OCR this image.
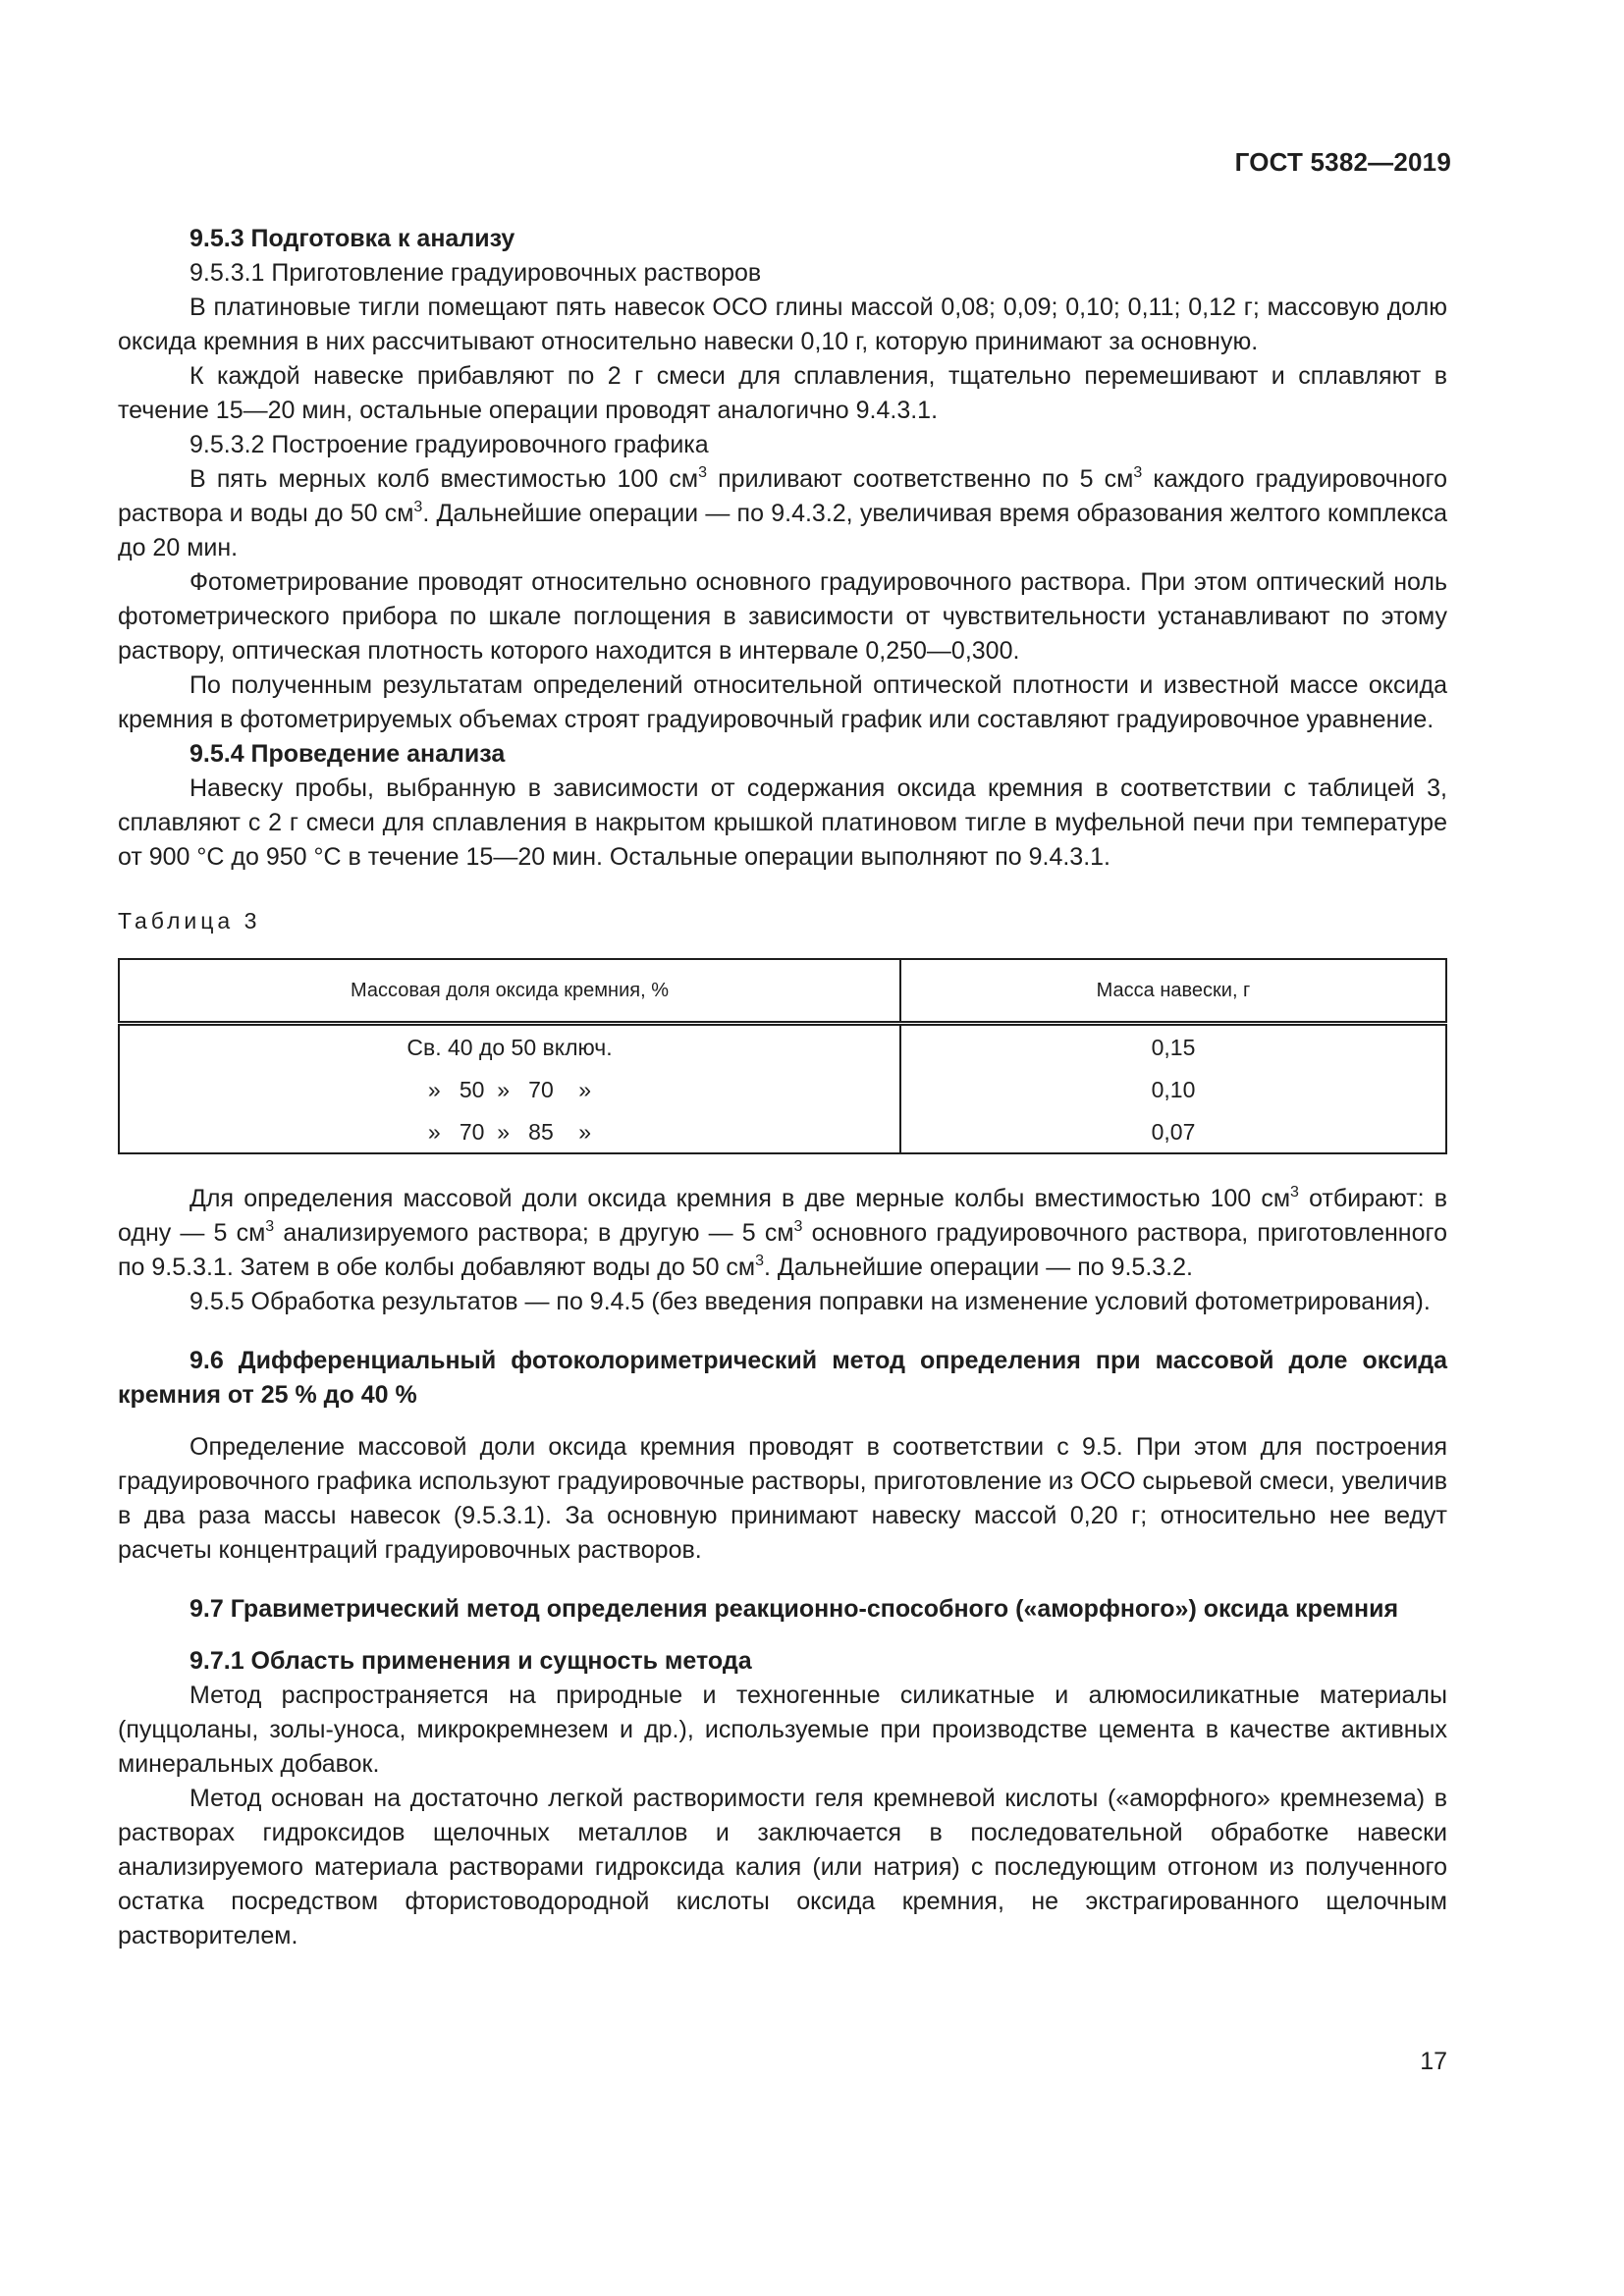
ГОСТ 5382—2019

9.5.3 Подготовка к анализу

9.5.3.1 Приготовление градуировочных растворов

В платиновые тигли помещают пять навесок ОСО глины массой 0,08; 0,09; 0,10; 0,11; 0,12 г; массовую долю оксида кремния в них рассчитывают относительно навески 0,10 г, которую принимают за основную.

К каждой навеске прибавляют по 2 г смеси для сплавления, тщательно перемешивают и сплавляют в течение 15—20 мин, остальные операции проводят аналогично 9.4.3.1.

9.5.3.2 Построение градуировочного графика

В пять мерных колб вместимостью 100 $см^3$ приливают соответственно по 5 $см^3$ каждого градуировочного раствора и воды до 50 $см^3$. Дальнейшие операции — по 9.4.3.2, увеличивая время образования желтого комплекса до 20 мин.

Фотометрирование проводят относительно основного градуировочного раствора. При этом оптический ноль фотометрического прибора по шкале поглощения в зависимости от чувствительности устанавливают по этому раствору, оптическая плотность которого находится в интервале 0,250—0,300.

По полученным результатам определений относительной оптической плотности и известной массе оксида кремния в фотометрируемых объемах строят градуировочный график или составляют градуировочное уравнение.

9.5.4 Проведение анализа

Навеску пробы, выбранную в зависимости от содержания оксида кремния в соответствии с таблицей 3, сплавляют с 2 г смеси для сплавления в накрытом крышкой платиновом тигле в муфельной печи при температуре от 900 °С до 950 °С в течение 15—20 мин. Остальные операции выполняют по 9.4.3.1.

Таблица 3
Массовая доля оксида кремния, %	Масса навески, г
Св. 40 до 50 включ.	0,15
»   50  »   70    »	0,10
»   70  »   85    »	0,07

Для определения массовой доли оксида кремния в две мерные колбы вместимостью 100 $см^3$ отбирают: в одну — 5 $см^3$ анализируемого раствора; в другую — 5 $см^3$ основного градуировочного раствора, приготовленного по 9.5.3.1. Затем в обе колбы добавляют воды до 50 $см^3$. Дальнейшие операции — по 9.5.3.2.

9.5.5 Обработка результатов — по 9.4.5 (без введения поправки на изменение условий фотометрирования).

9.6 Дифференциальный фотоколориметрический метод определения при массовой доле оксида кремния от 25 % до 40 %

Определение массовой доли оксида кремния проводят в соответствии с 9.5. При этом для построения градуировочного графика используют градуировочные растворы, приготовление из ОСО сырьевой смеси, увеличив в два раза массы навесок (9.5.3.1). За основную принимают навеску массой 0,20 г; относительно нее ведут расчеты концентраций градуировочных растворов.

9.7 Гравиметрический метод определения реакционно-способного («аморфного») оксида кремния

9.7.1 Область применения и сущность метода

Метод распространяется на природные и техногенные силикатные и алюмосиликатные материалы (пуццоланы, золы-уноса, микрокремнезем и др.), используемые при производстве цемента в качестве активных минеральных добавок.

Метод основан на достаточно легкой растворимости геля кремневой кислоты («аморфного» кремнезема) в растворах гидроксидов щелочных металлов и заключается в последовательной обработке навески анализируемого материала растворами гидроксида калия (или натрия) с последующим отгоном из полученного остатка посредством фтористоводородной кислоты оксида кремния, не экстрагированного щелочным растворителем.

17
